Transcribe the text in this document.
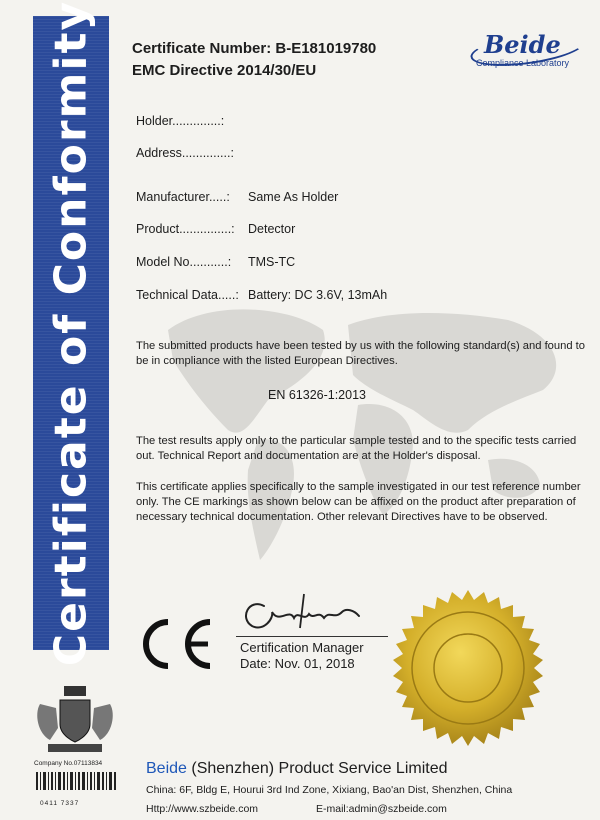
Certificate of Conformity Certificate Number: B-E181019780
EMC Directive 2014/30/EU
Beide
Compliance Laboratory
Holder..............:
Address..............:
Manufacturer.....: Same As Holder
Product...............: Detector
Model No...........: TMS-TC
Technical Data.....: Battery: DC 3.6V, 13mAh
The submitted products have been tested by us with the following standard(s) and found to be in compliance with the listed European Directives.
EN 61326-1:2013
The test results apply only to the particular sample tested and to the specific tests carried out. Technical Report and documentation are at the Holder's disposal.
This certificate applies specifically to the sample investigated in our test reference number only. The CE markings as shown below can be affixed on the product after preparation of necessary technical documentation. Other relevant Directives have to be observed.
Certification Manager
Date: Nov. 01, 2018
Company No.07113834
0411 7337
Beide (Shenzhen) Product Service Limited
China: 6F, Bldg E, Hourui 3rd Ind Zone, Xixiang, Bao'an Dist, Shenzhen, China
Http://www.szbeide.com	E-mail:admin@szbeide.com
